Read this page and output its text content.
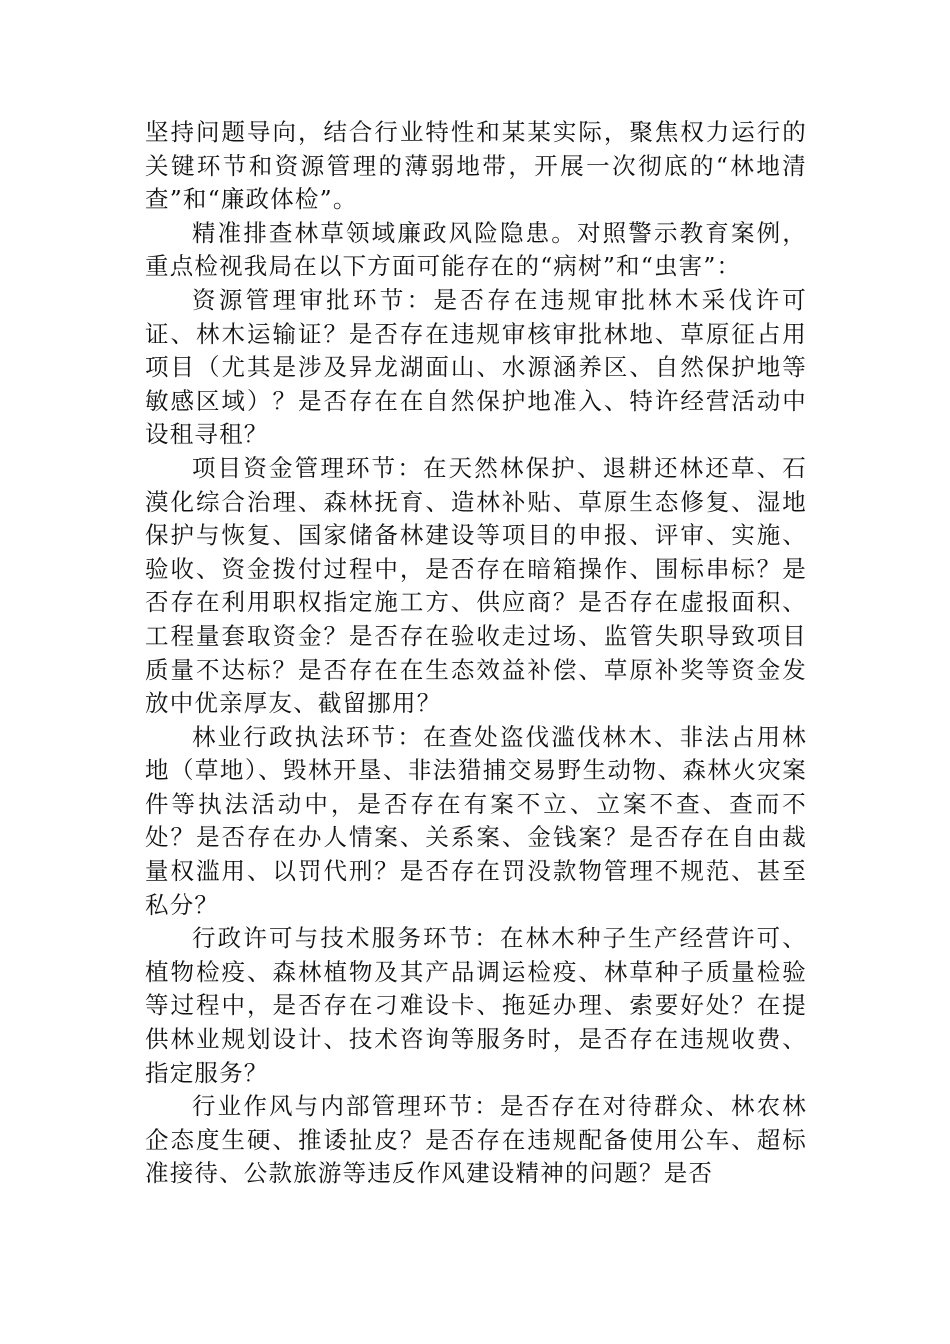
坚持问题导向，结合行业特性和某某实际，聚焦权力运行的关键环节和资源管理的薄弱地带，开展一次彻底的“林地清查”和“廉政体检”。

精准排查林草领域廉政风险隐患。对照警示教育案例，重点检视我局在以下方面可能存在的“病树”和“虫害”：

资源管理审批环节：是否存在违规审批林木采伐许可证、林木运输证？是否存在违规审核审批林地、草原征占用项目（尤其是涉及异龙湖面山、水源涵养区、自然保护地等敏感区域）？是否存在在自然保护地准入、特许经营活动中设租寻租？

项目资金管理环节：在天然林保护、退耕还林还草、石漠化综合治理、森林抚育、造林补贴、草原生态修复、湿地保护与恢复、国家储备林建设等项目的申报、评审、实施、验收、资金拨付过程中，是否存在暗箱操作、围标串标？是否存在利用职权指定施工方、供应商？是否存在虚报面积、工程量套取资金？是否存在验收走过场、监管失职导致项目质量不达标？是否存在在生态效益补偿、草原补奖等资金发放中优亲厚友、截留挪用？

林业行政执法环节：在查处盗伐滥伐林木、非法占用林地（草地）、毁林开垦、非法猎捕交易野生动物、森林火灾案件等执法活动中，是否存在有案不立、立案不查、查而不处？是否存在办人情案、关系案、金钱案？是否存在自由裁量权滥用、以罚代刑？是否存在罚没款物管理不规范、甚至私分？

行政许可与技术服务环节：在林木种子生产经营许可、植物检疫、森林植物及其产品调运检疫、林草种子质量检验等过程中，是否存在刁难设卡、拖延办理、索要好处？在提供林业规划设计、技术咨询等服务时，是否存在违规收费、指定服务？

行业作风与内部管理环节：是否存在对待群众、林农林企态度生硬、推诿扯皮？是否存在违规配备使用公车、超标准接待、公款旅游等违反作风建设精神的问题？是否
